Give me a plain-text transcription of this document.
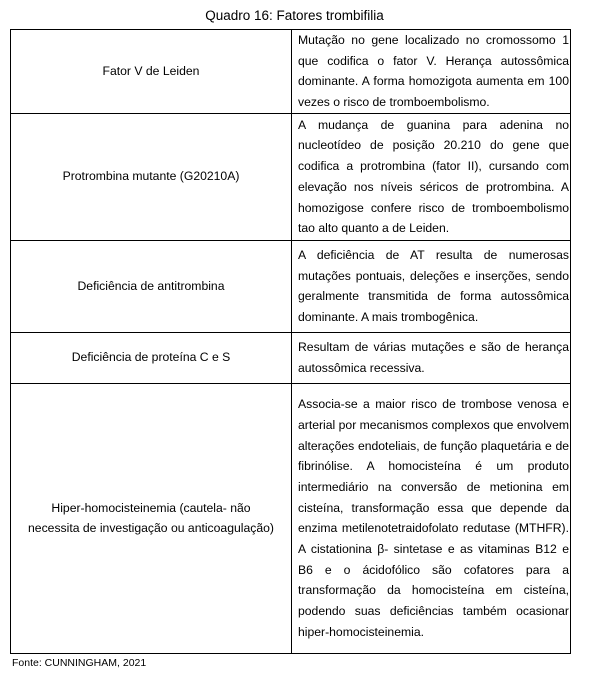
Quadro 16: Fatores trombifilia
Fator V de Leiden	Mutação no gene localizado no cromossomo 1 que codifica o fator V. Herança autossômica dominante. A forma homozigota aumenta em 100 vezes o risco de tromboembolismo.
Protrombina mutante (G20210A)	A mudança de guanina para adenina no nucleotídeo de posição 20.210 do gene que codifica a protrombina (fator II), cursando com elevação nos níveis séricos de protrombina. A homozigose confere risco de tromboembolismo tao alto quanto a de Leiden.
Deficiência de antitrombina	A deficiência de AT resulta de numerosas mutações pontuais, deleções e inserções, sendo geralmente transmitida de forma autossômica dominante. A mais trombogênica.
Deficiência de proteína C e S	Resultam de várias mutações e são de herança autossômica recessiva.
Hiper-homocisteinemia (cautela- não necessita de investigação ou anticoagulação)	Associa-se a maior risco de trombose venosa e arterial por mecanismos complexos que envolvem alterações endoteliais, de função plaquetária e de fibrinólise. A homocisteína é um produto intermediário na conversão de metionina em cisteína, transformação essa que depende da enzima metilenotetraidofolato redutase (MTHFR). A cistationina β- sintetase e as vitaminas B12 e B6 e o ácidofólico são cofatores para a transformação da homocisteína em cisteína, podendo suas deficiências também ocasionar hiper-homocisteinemia.
Fonte: CUNNINGHAM, 2021
